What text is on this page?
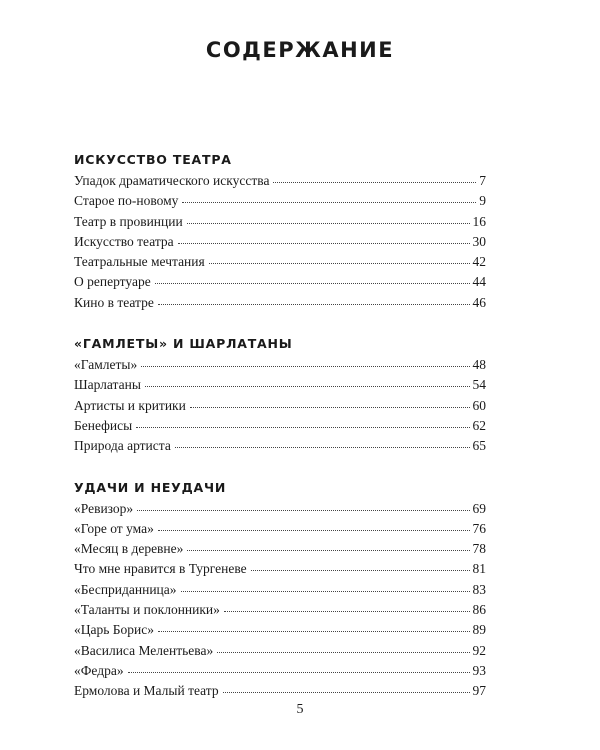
СОДЕРЖАНИЕ
ИСКУССТВО ТЕАТРА
Упадок драматического искусства	7
Старое по-новому	9
Театр в провинции	16
Искусство театра	30
Театральные мечтания	42
О репертуаре	44
Кино в театре	46
«ГАМЛЕТЫ» И ШАРЛАТАНЫ
«Гамлеты»	48
Шарлатаны	54
Артисты и критики	60
Бенефисы	62
Природа артиста	65
УДАЧИ И НЕУДАЧИ
«Ревизор»	69
«Горе от ума»	76
«Месяц в деревне»	78
Что мне нравится в Тургеневе	81
«Бесприданница»	83
«Таланты и поклонники»	86
«Царь Борис»	89
«Василиса Мелентьева»	92
«Федра»	93
Ермолова и Малый театр	97
5
